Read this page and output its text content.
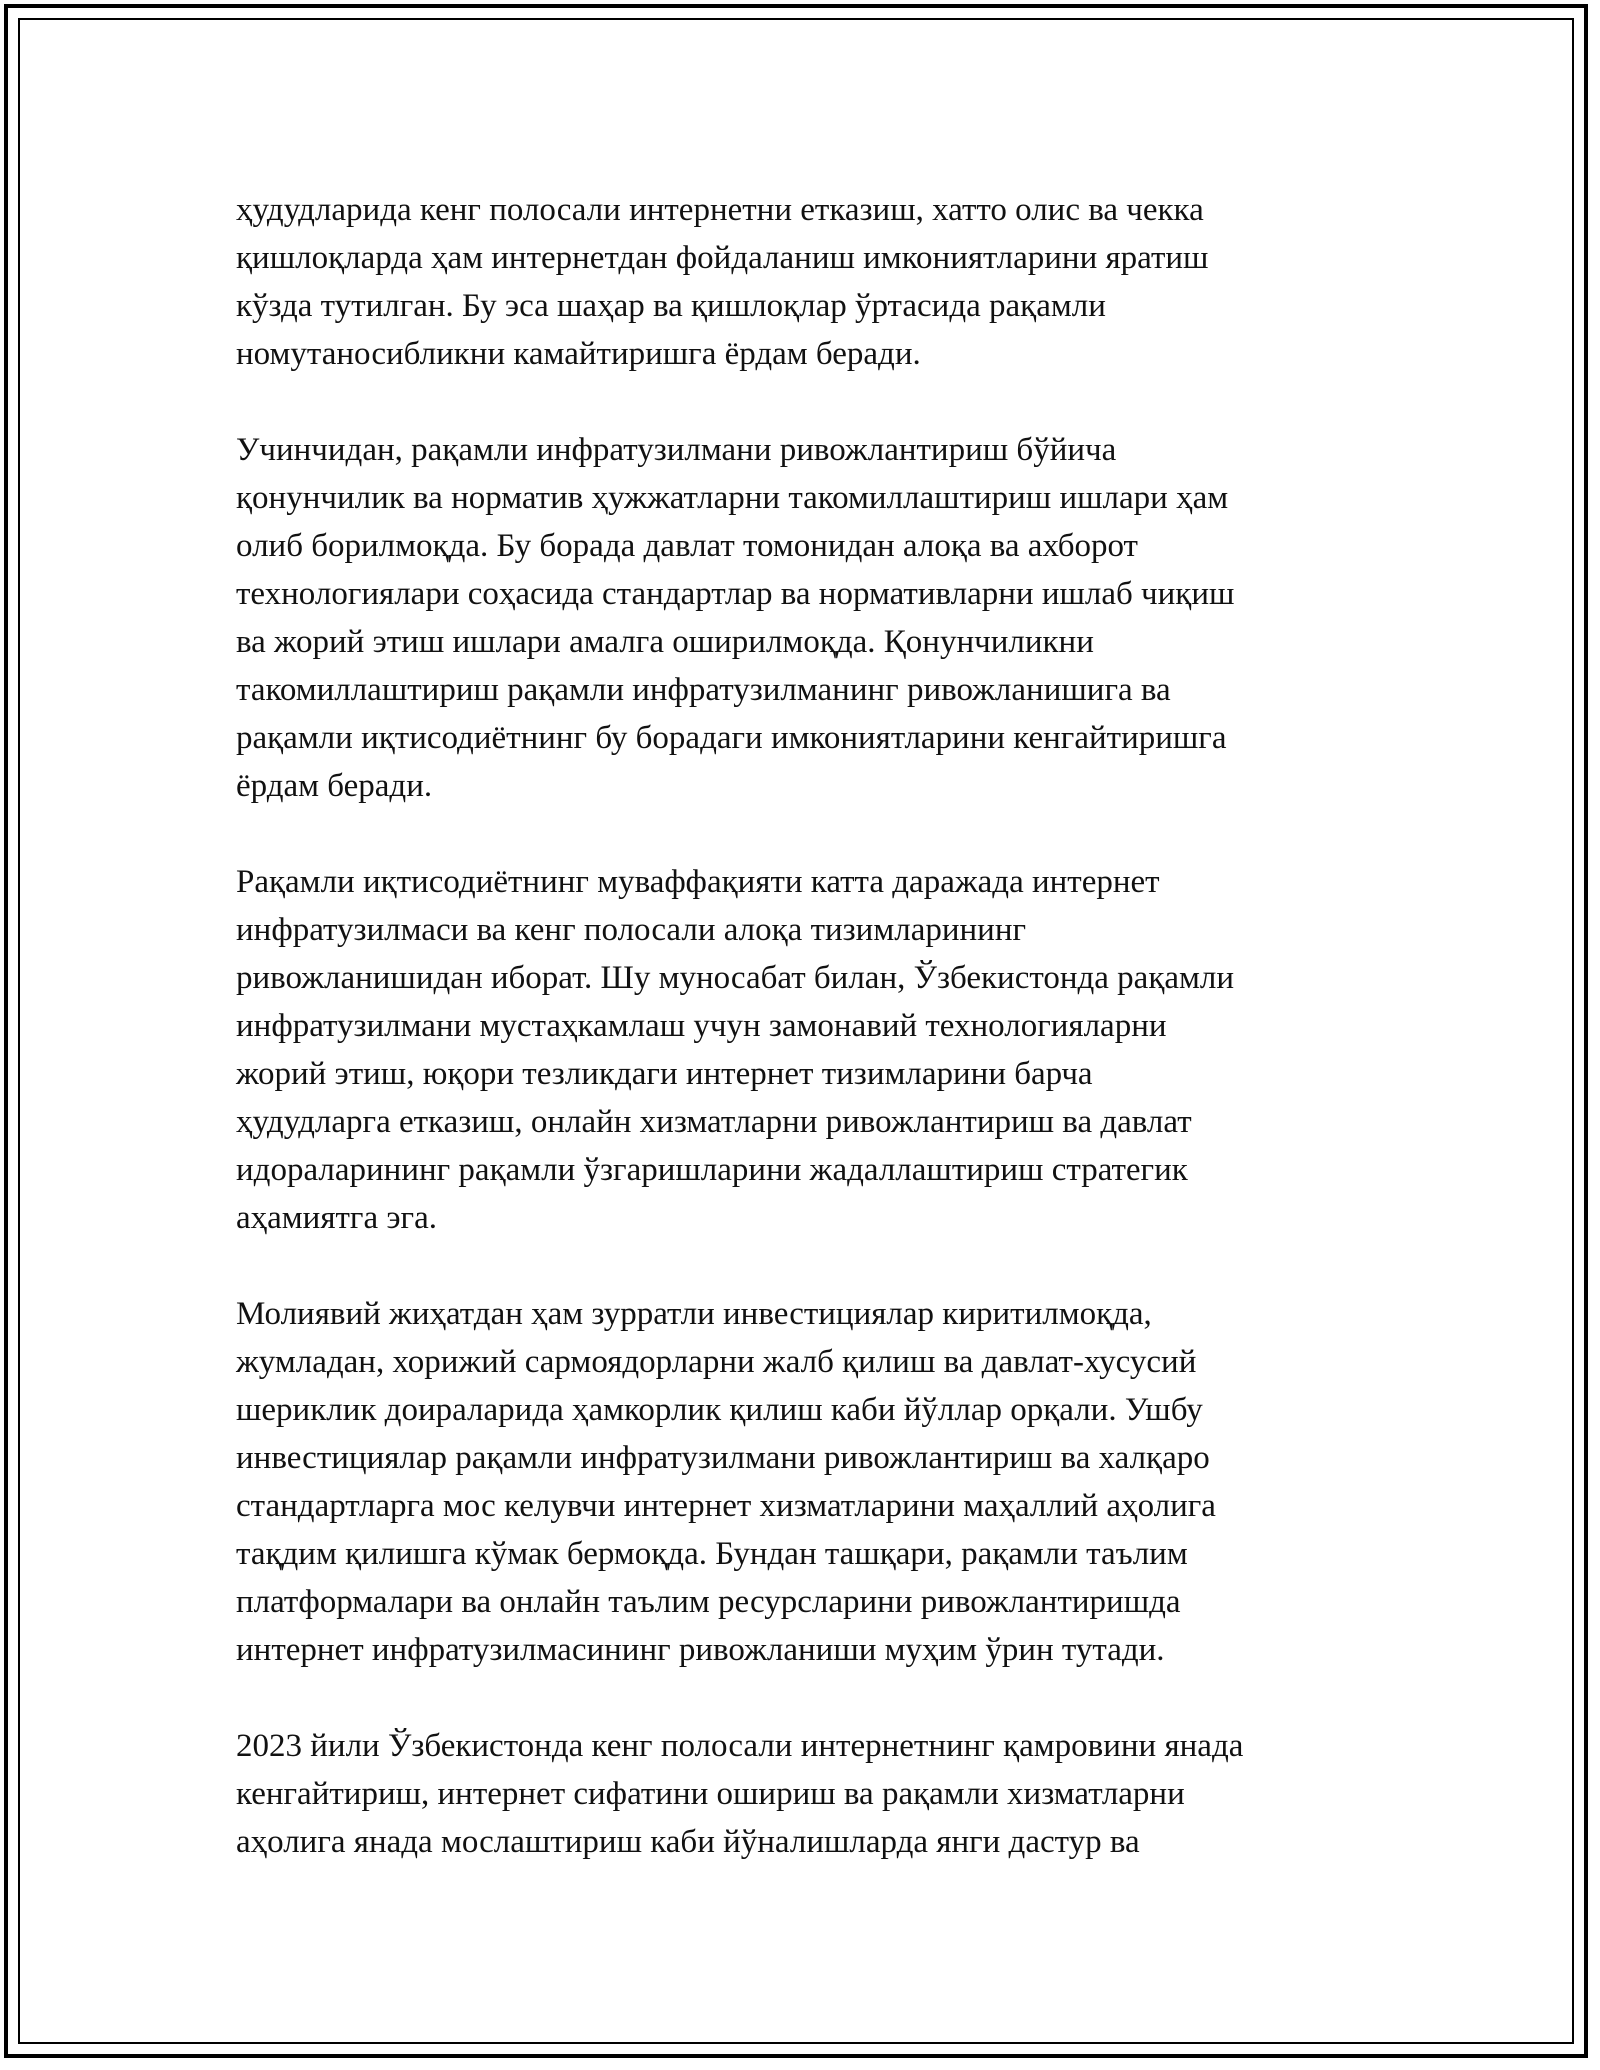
ҳудудларида кенг полосали интернетни етказиш, хатто олис ва чекка
қишлоқларда ҳам интернетдан фойдаланиш имкониятларини яратиш
кўзда тутилган. Бу эса шаҳар ва қишлоқлар ўртасида рақамли
номутаносибликни камайтиришга ёрдам беради.

Учинчидан, рақамли инфратузилмани ривожлантириш бўйича
қонунчилик ва норматив ҳужжатларни такомиллаштириш ишлари ҳам
олиб борилмоқда. Бу борада давлат томонидан алоқа ва ахборот
технологиялари соҳасида стандартлар ва нормативларни ишлаб чиқиш
ва жорий этиш ишлари амалга оширилмоқда. Қонунчиликни
такомиллаштириш рақамли инфратузилманинг ривожланишига ва
рақамли иқтисодиётнинг бу борадаги имкониятларини кенгайтиришга
ёрдам беради.

Рақамли иқтисодиётнинг муваффақияти катта даражада интернет
инфратузилмаси ва кенг полосали алоқа тизимларининг
ривожланишидан иборат. Шу муносабат билан, Ўзбекистонда рақамли
инфратузилмани мустаҳкамлаш учун замонавий технологияларни
жорий этиш, юқори тезликдаги интернет тизимларини барча
ҳудудларга етказиш, онлайн хизматларни ривожлантириш ва давлат
идораларининг рақамли ўзгаришларини жадаллаштириш стратегик
аҳамиятга эга.

Молиявий жиҳатдан ҳам зурратли инвестициялар киритилмоқда,
жумладан, хорижий сармоядорларни жалб қилиш ва давлат-хусусий
шериклик доираларида ҳамкорлик қилиш каби йўллар орқали. Ушбу
инвестициялар рақамли инфратузилмани ривожлантириш ва халқаро
стандартларга мос келувчи интернет хизматларини маҳаллий аҳолига
тақдим қилишга кўмак бермоқда. Бундан ташқари, рақамли таълим
платформалари ва онлайн таълим ресурсларини ривожлантиришда
интернет инфратузилмасининг ривожланиши муҳим ўрин тутади.

2023 йили Ўзбекистонда кенг полосали интернетнинг қамровини янада
кенгайтириш, интернет сифатини ошириш ва рақамли хизматларни
аҳолига янада мослаштириш каби йўналишларда янги дастур ва
